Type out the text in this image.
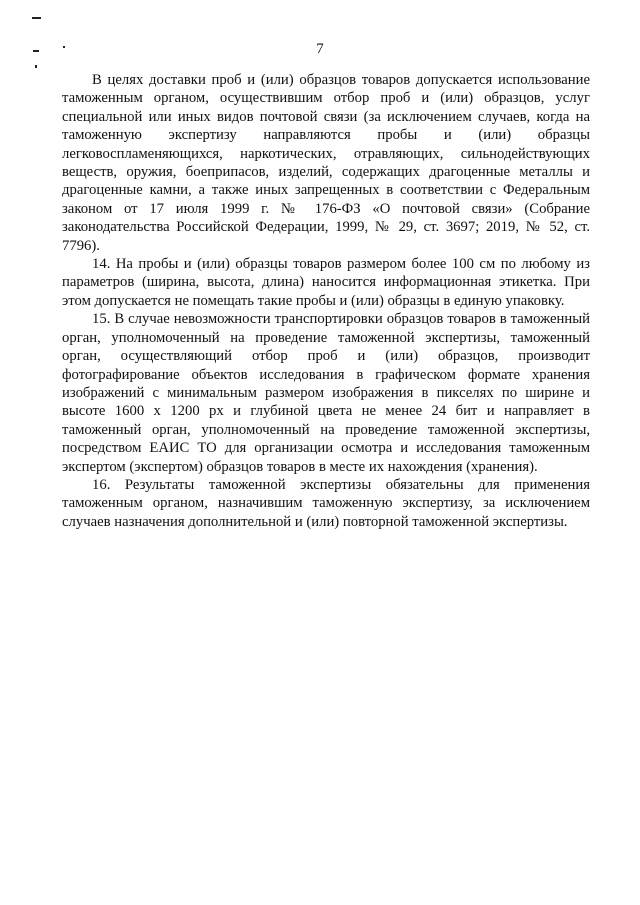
7

В целях доставки проб и (или) образцов товаров допускается использование таможенным органом, осуществившим отбор проб и (или) образцов, услуг специальной или иных видов почтовой связи (за исключением случаев, когда на таможенную экспертизу направляются пробы и (или) образцы легковоспламеняющихся, наркотических, отравляющих, сильнодействующих веществ, оружия, боеприпасов, изделий, содержащих драгоценные металлы и драгоценные камни, а также иных запрещенных в соответствии с Федеральным законом от 17 июля 1999 г. № 176-ФЗ «О почтовой связи» (Собрание законодательства Российской Федерации, 1999, № 29, ст. 3697; 2019, № 52, ст. 7796).

14. На пробы и (или) образцы товаров размером более 100 см по любому из параметров (ширина, высота, длина) наносится информационная этикетка. При этом допускается не помещать такие пробы и (или) образцы в единую упаковку.

15. В случае невозможности транспортировки образцов товаров в таможенный орган, уполномоченный на проведение таможенной экспертизы, таможенный орган, осуществляющий отбор проб и (или) образцов, производит фотографирование объектов исследования в графическом формате хранения изображений с минимальным размером изображения в пикселях по ширине и высоте 1600 x 1200 px и глубиной цвета не менее 24 бит и направляет в таможенный орган, уполномоченный на проведение таможенной экспертизы, посредством ЕАИС ТО для организации осмотра и исследования таможенным экспертом (экспертом) образцов товаров в месте их нахождения (хранения).

16. Результаты таможенной экспертизы обязательны для применения таможенным органом, назначившим таможенную экспертизу, за исключением случаев назначения дополнительной и (или) повторной таможенной экспертизы.
